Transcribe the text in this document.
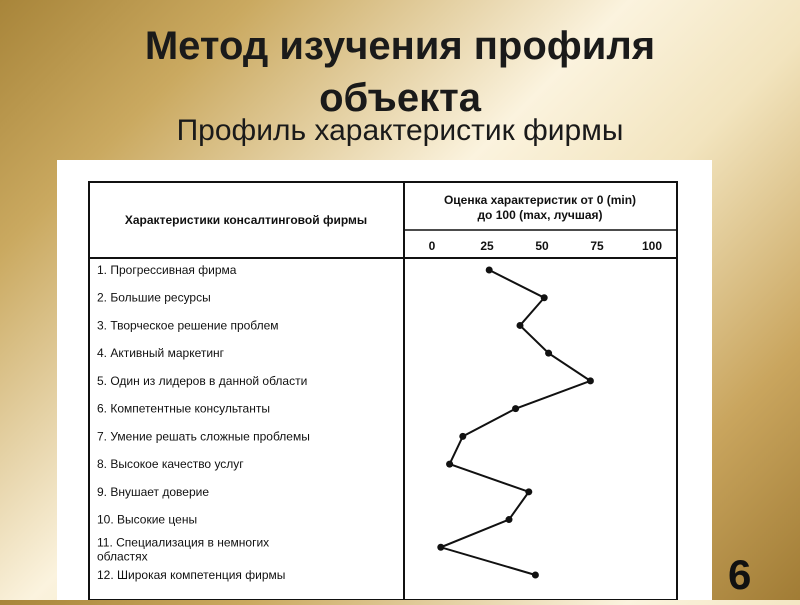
Метод изучения профиля
объекта
Профиль характеристик фирмы
Характеристики консалтинговой фирмы
Оценка характеристик от 0 (min)
до 100 (max, лучшая)
0	25	50	75	100
1. Прогрессивная фирма
2. Большие ресурсы
3. Творческое решение проблем
4. Активный маркетинг
5. Один из лидеров в данной области
6. Компетентные консультанты
7. Умение решать сложные проблемы
8. Высокое качество услуг
9. Внушает доверие
10. Высокие цены
11. Специализация в немногих областях
12. Широкая компетенция фирмы	6
